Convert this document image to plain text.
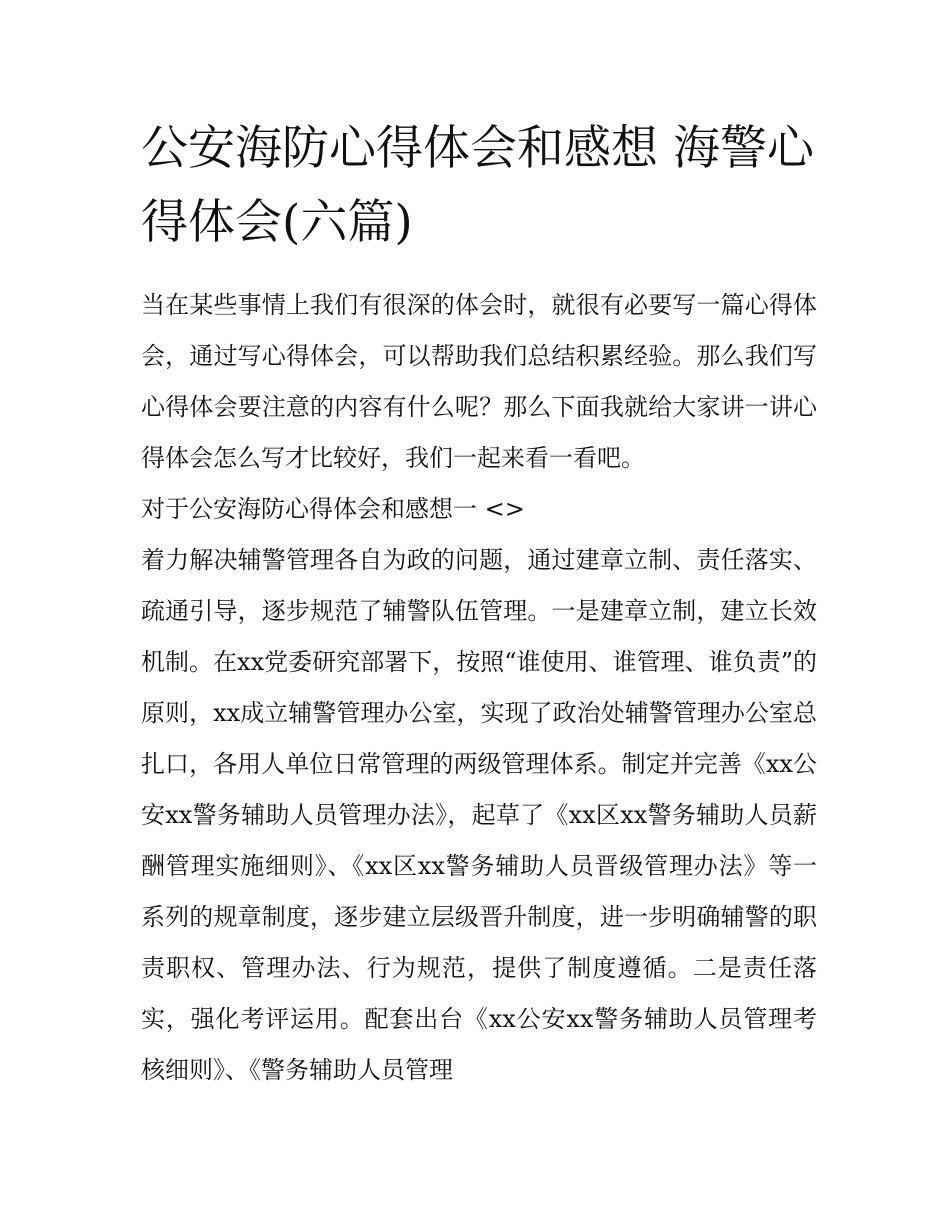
公安海防心得体会和感想 海警心得体会(六篇)

当在某些事情上我们有很深的体会时，就很有必要写一篇心得体会，通过写心得体会，可以帮助我们总结积累经验。那么我们写心得体会要注意的内容有什么呢？那么下面我就给大家讲一讲心得体会怎么写才比较好，我们一起来看一看吧。

对于公安海防心得体会和感想一 <>

着力解决辅警管理各自为政的问题，通过建章立制、责任落实、疏通引导，逐步规范了辅警队伍管理。一是建章立制，建立长效机制。在xx党委研究部署下，按照“谁使用、谁管理、谁负责”的原则，xx成立辅警管理办公室，实现了政治处辅警管理办公室总扎口，各用人单位日常管理的两级管理体系。制定并完善《xx公安xx警务辅助人员管理办法》，起草了《xx区xx警务辅助人员薪酬管理实施细则》、《xx区xx警务辅助人员晋级管理办法》等一系列的规章制度，逐步建立层级晋升制度，进一步明确辅警的职责职权、管理办法、行为规范，提供了制度遵循。二是责任落实，强化考评运用。配套出台《xx公安xx警务辅助人员管理考核细则》、《警务辅助人员管理
